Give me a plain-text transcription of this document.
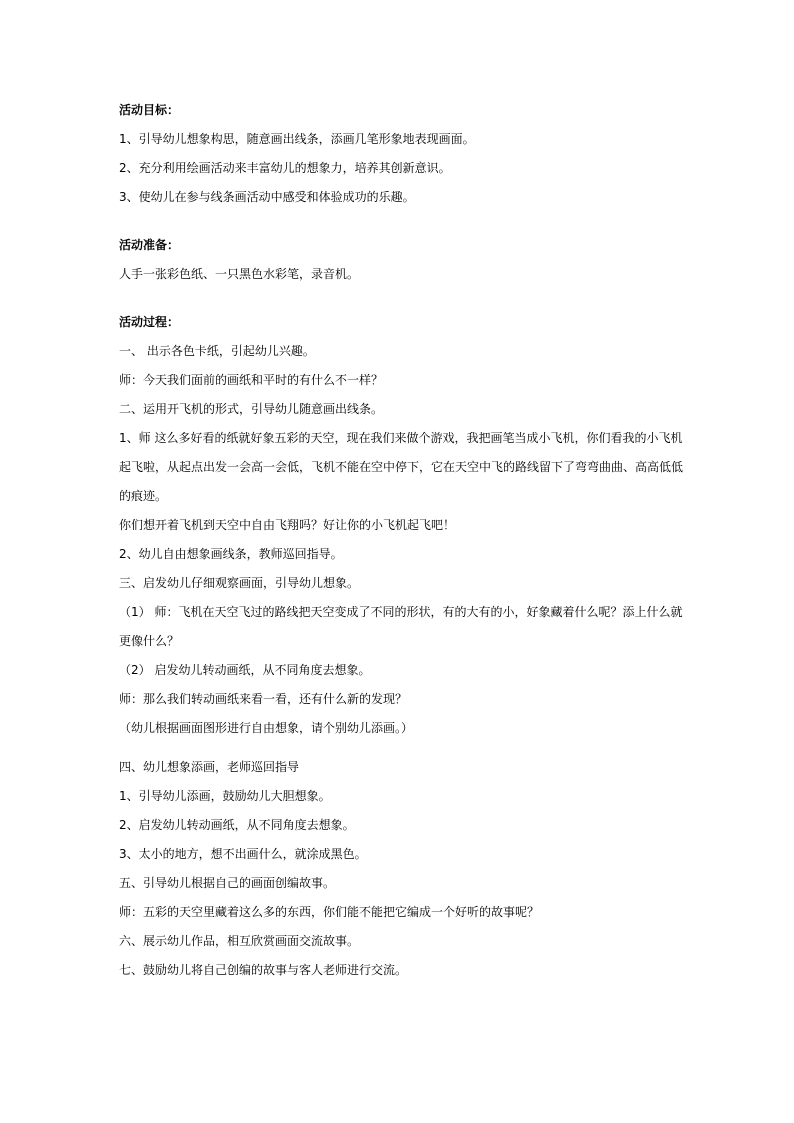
活动目标：
1、引导幼儿想象构思，随意画出线条，添画几笔形象地表现画面。
2、充分利用绘画活动来丰富幼儿的想象力，培养其创新意识。
3、使幼儿在参与线条画活动中感受和体验成功的乐趣。
活动准备：
人手一张彩色纸、一只黑色水彩笔，录音机。
活动过程：
一、 出示各色卡纸，引起幼儿兴趣。
师：今天我们面前的画纸和平时的有什么不一样？
二、运用开飞机的形式，引导幼儿随意画出线条。
1、师 这么多好看的纸就好象五彩的天空，现在我们来做个游戏，我把画笔当成小飞机，你们看我的小飞机起飞啦，从起点出发一会高一会低，飞机不能在空中停下，它在天空中飞的路线留下了弯弯曲曲、高高低低的痕迹。
你们想开着飞机到天空中自由飞翔吗？好让你的小飞机起飞吧！
2、幼儿自由想象画线条，教师巡回指导。
三、启发幼儿仔细观察画面，引导幼儿想象。
（1） 师：飞机在天空飞过的路线把天空变成了不同的形状，有的大有的小，好象藏着什么呢？添上什么就更像什么？
（2） 启发幼儿转动画纸，从不同角度去想象。
师：那么我们转动画纸来看一看，还有什么新的发现？
（幼儿根据画面图形进行自由想象，请个别幼儿添画。）
四、幼儿想象添画，老师巡回指导
1、引导幼儿添画，鼓励幼儿大胆想象。
2、启发幼儿转动画纸，从不同角度去想象。
3、太小的地方，想不出画什么，就涂成黑色。
五、引导幼儿根据自己的画面创编故事。
师：五彩的天空里藏着这么多的东西，你们能不能把它编成一个好听的故事呢？
六、展示幼儿作品，相互欣赏画面交流故事。
七、鼓励幼儿将自己创编的故事与客人老师进行交流。
